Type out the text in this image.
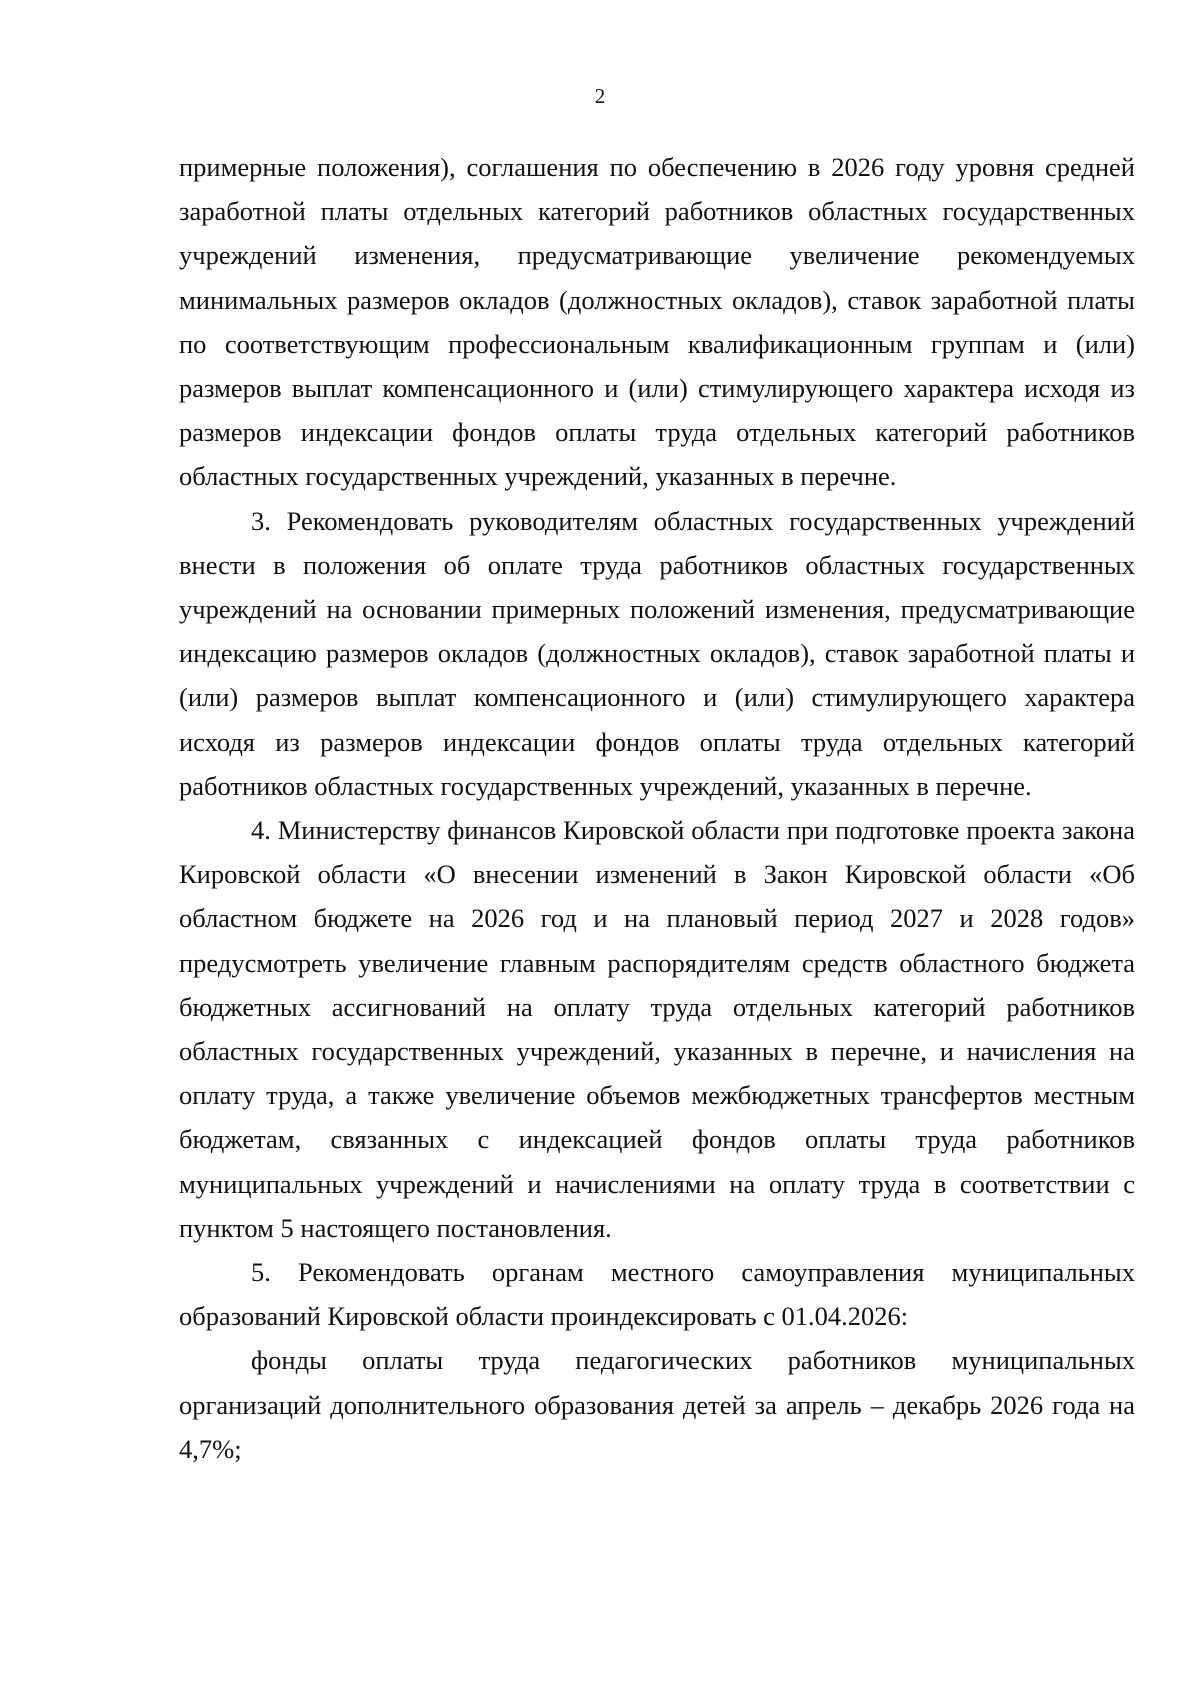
2

примерные положения), соглашения по обеспечению в 2026 году уровня средней заработной платы отдельных категорий работников областных государственных учреждений изменения, предусматривающие увеличение рекомендуемых минимальных размеров окладов (должностных окладов), ставок заработной платы по соответствующим профессиональным квалификационным группам и (или) размеров выплат компенсационного и (или) стимулирующего характера исходя из размеров индексации фондов оплаты труда отдельных категорий работников областных государственных учреждений, указанных в перечне.

3. Рекомендовать руководителям областных государственных учреждений внести в положения об оплате труда работников областных государственных учреждений на основании примерных положений изменения, предусматривающие индексацию размеров окладов (должностных окладов), ставок заработной платы и (или) размеров выплат компенсационного и (или) стимулирующего характера исходя из размеров индексации фондов оплаты труда отдельных категорий работников областных государственных учреждений, указанных в перечне.

4. Министерству финансов Кировской области при подготовке проекта закона Кировской области «О внесении изменений в Закон Кировской области «Об областном бюджете на 2026 год и на плановый период 2027 и 2028 годов» предусмотреть увеличение главным распорядителям средств областного бюджета бюджетных ассигнований на оплату труда отдельных категорий работников областных государственных учреждений, указанных в перечне, и начисления на оплату труда, а также увеличение объемов межбюджетных трансфертов местным бюджетам, связанных с индексацией фондов оплаты труда работников муниципальных учреждений и начислениями на оплату труда в соответствии с пунктом 5 настоящего постановления.

5. Рекомендовать органам местного самоуправления муниципальных образований Кировской области проиндексировать с 01.04.2026:

фонды оплаты труда педагогических работников муниципальных организаций дополнительного образования детей за апрель – декабрь 2026 года на 4,7%;
